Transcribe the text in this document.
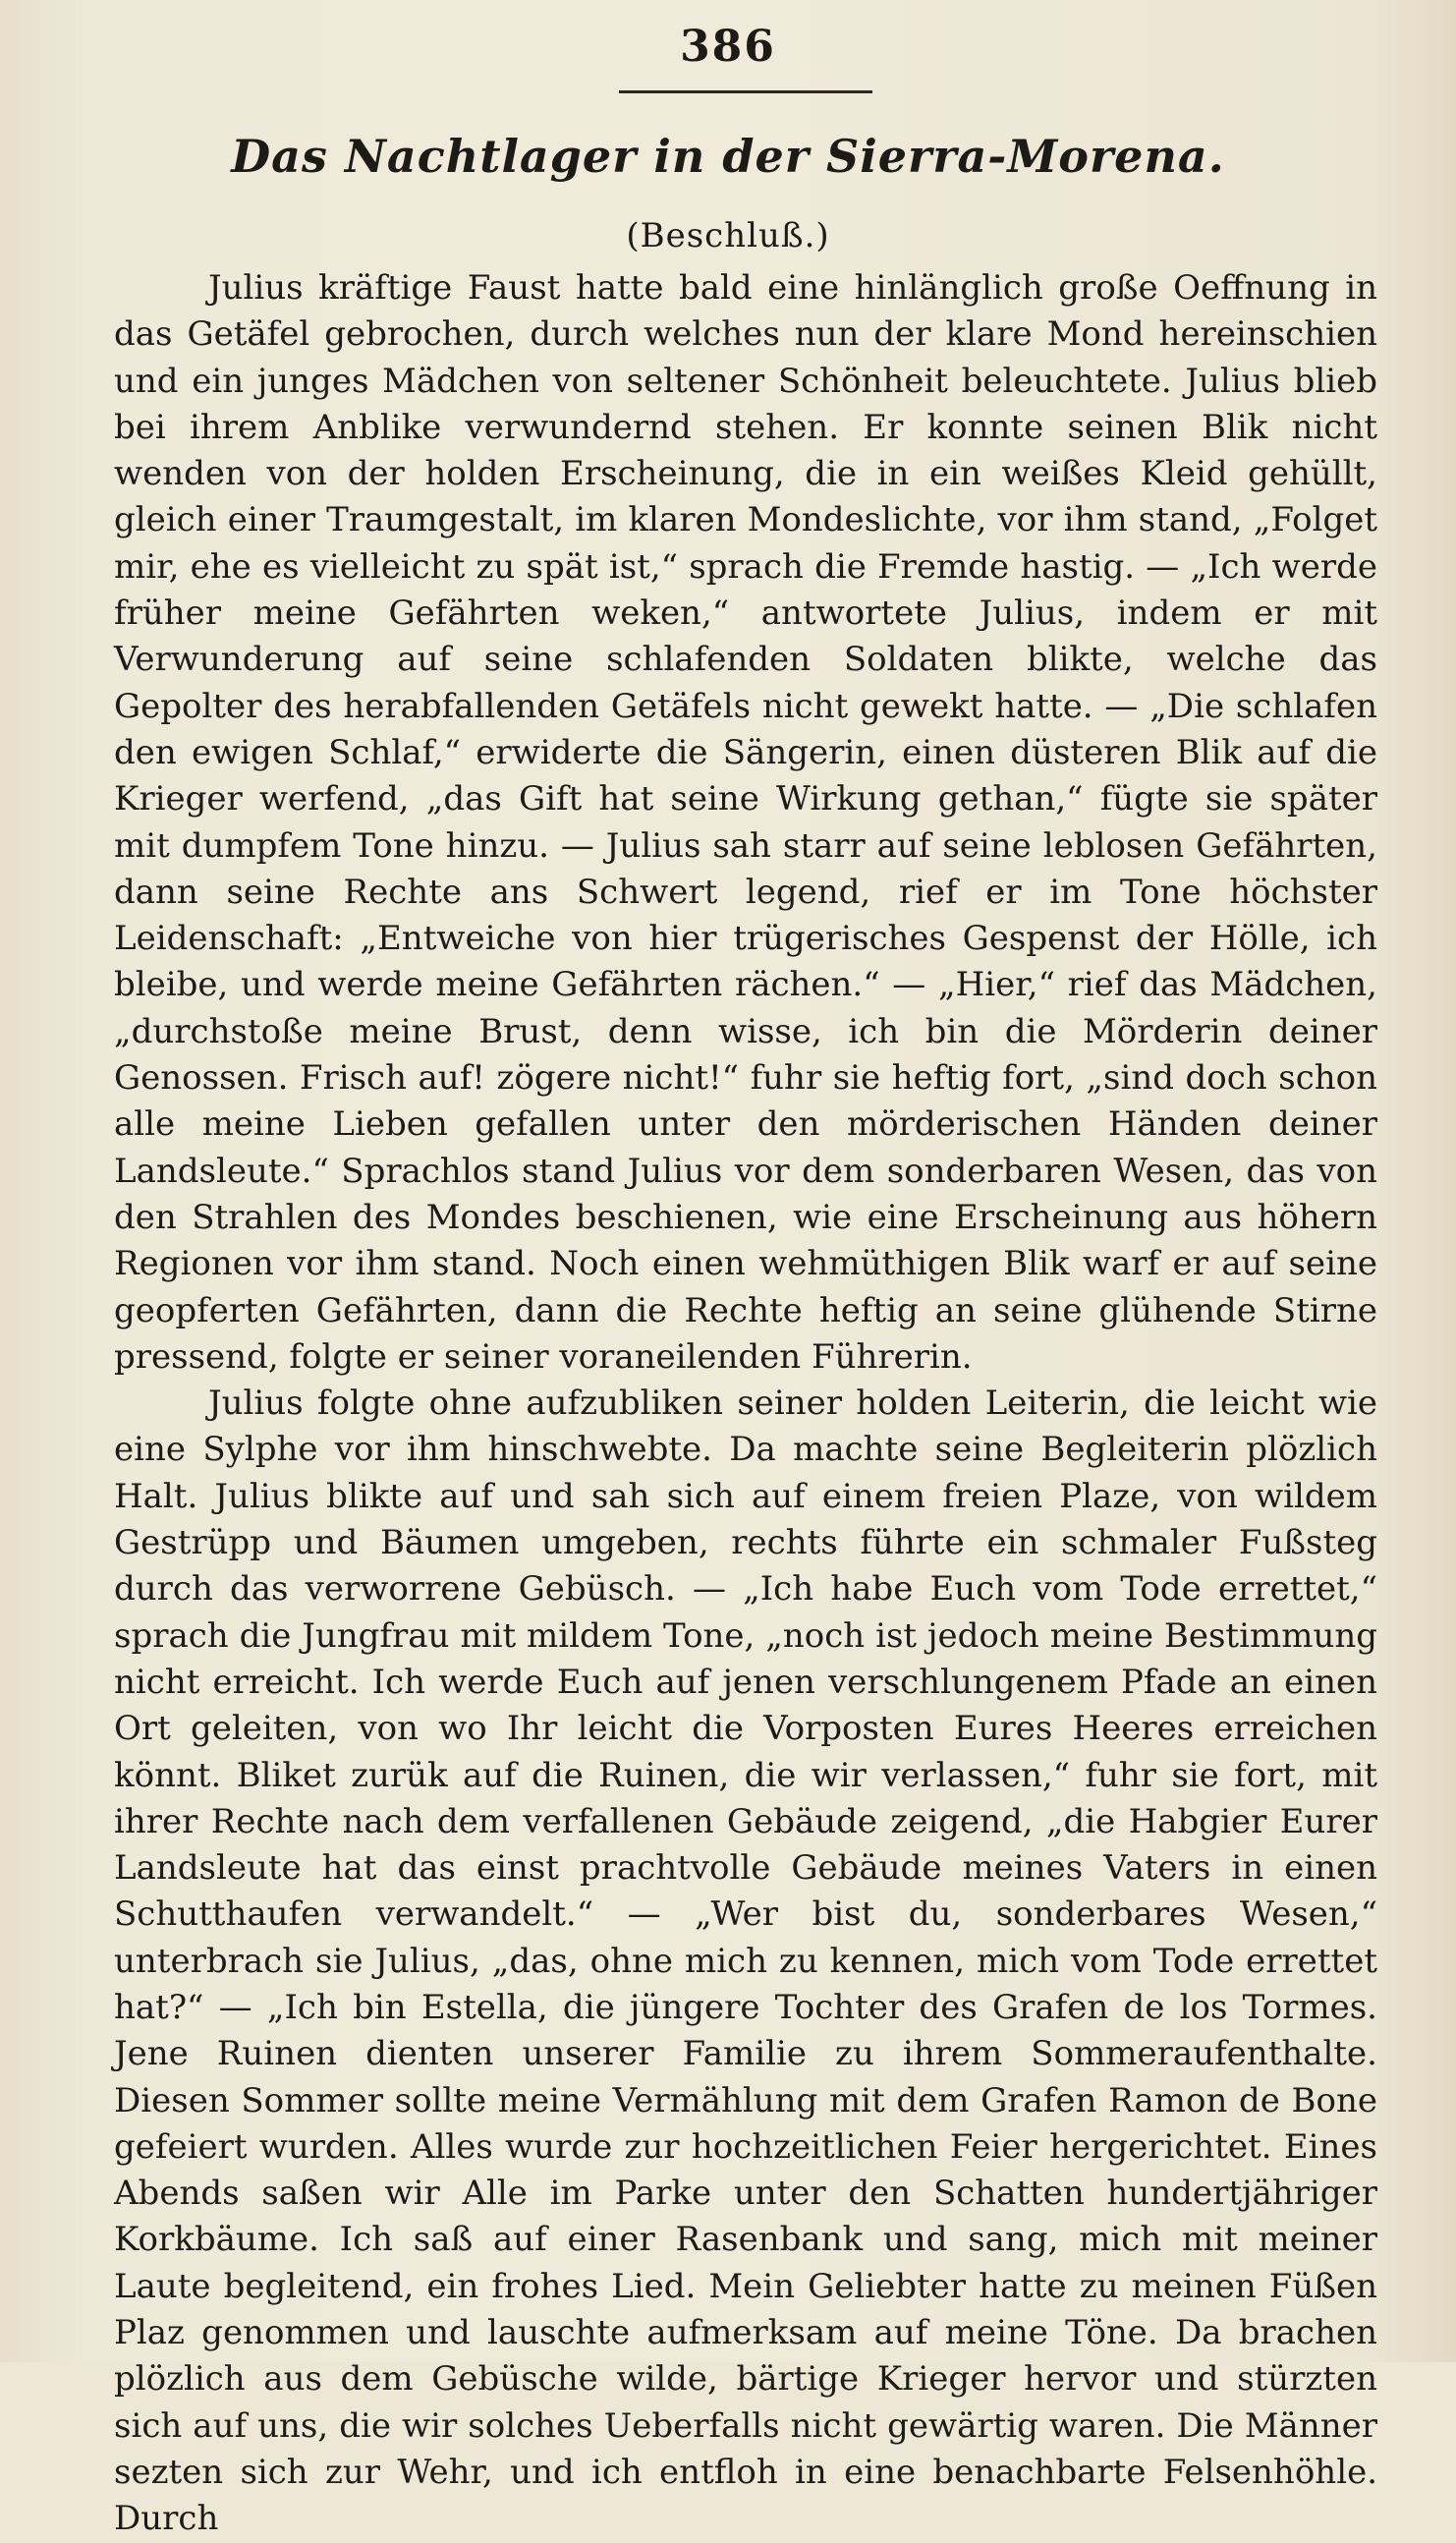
386
Das Nachtlager in der Sierra-Morena.
(Beschluß.)

Julius kräftige Faust hatte bald eine hinlänglich große Oeffnung in das Getäfel gebrochen, durch welches nun der klare Mond hereinschien und ein junges Mädchen von seltener Schönheit beleuchtete. Julius blieb bei ihrem Anblike verwundernd stehen. Er konnte seinen Blik nicht wenden von der holden Erscheinung, die in ein weißes Kleid gehüllt, gleich einer Traumgestalt, im klaren Mondeslichte, vor ihm stand, „Folget mir, ehe es vielleicht zu spät ist,“ sprach die Fremde hastig. — „Ich werde früher meine Gefährten weken,“ antwortete Julius, indem er mit Verwunderung auf seine schlafenden Soldaten blikte, welche das Gepolter des herabfallenden Getäfels nicht gewekt hatte. — „Die schlafen den ewigen Schlaf,“ erwiderte die Sängerin, einen düsteren Blik auf die Krieger werfend, „das Gift hat seine Wirkung gethan,“ fügte sie später mit dumpfem Tone hinzu. — Julius sah starr auf seine leblosen Gefährten, dann seine Rechte ans Schwert legend, rief er im Tone höchster Leidenschaft: „Entweiche von hier trügerisches Gespenst der Hölle, ich bleibe, und werde meine Gefährten rächen.“ — „Hier,“ rief das Mädchen, „durchstoße meine Brust, denn wisse, ich bin die Mörderin deiner Genossen. Frisch auf! zögere nicht!“ fuhr sie heftig fort, „sind doch schon alle meine Lieben gefallen unter den mörderischen Händen deiner Landsleute.“ Sprachlos stand Julius vor dem sonderbaren Wesen, das von den Strahlen des Mondes beschienen, wie eine Erscheinung aus höhern Regionen vor ihm stand. Noch einen wehmüthigen Blik warf er auf seine geopferten Gefährten, dann die Rechte heftig an seine glühende Stirne pressend, folgte er seiner voraneilenden Führerin.

Julius folgte ohne aufzubliken seiner holden Leiterin, die leicht wie eine Sylphe vor ihm hinschwebte. Da machte seine Begleiterin plözlich Halt. Julius blikte auf und sah sich auf einem freien Plaze, von wildem Gestrüpp und Bäumen umgeben, rechts führte ein schmaler Fußsteg durch das verworrene Gebüsch. — „Ich habe Euch vom Tode errettet,“ sprach die Jungfrau mit mildem Tone, „noch ist jedoch meine Bestimmung nicht erreicht. Ich werde Euch auf jenen verschlungenem Pfade an einen Ort geleiten, von wo Ihr leicht die Vorposten Eures Heeres erreichen könnt. Bliket zurük auf die Ruinen, die wir verlassen,“ fuhr sie fort, mit ihrer Rechte nach dem verfallenen Gebäude zeigend, „die Habgier Eurer Landsleute hat das einst prachtvolle Gebäude meines Vaters in einen Schutthaufen verwandelt.“ — „Wer bist du, sonderbares Wesen,“ unterbrach sie Julius, „das, ohne mich zu kennen, mich vom Tode errettet hat?“ — „Ich bin Estella, die jüngere Tochter des Grafen de los Tormes. Jene Ruinen dienten unserer Familie zu ihrem Sommeraufenthalte. Diesen Sommer sollte meine Vermählung mit dem Grafen Ramon de Bone gefeiert wurden. Alles wurde zur hochzeitlichen Feier hergerichtet. Eines Abends saßen wir Alle im Parke unter den Schatten hundertjähriger Korkbäume. Ich saß auf einer Rasenbank und sang, mich mit meiner Laute begleitend, ein frohes Lied. Mein Geliebter hatte zu meinen Füßen Plaz genommen und lauschte aufmerksam auf meine Töne. Da brachen plözlich aus dem Gebüsche wilde, bärtige Krieger hervor und stürzten sich auf uns, die wir solches Ueberfalls nicht gewärtig waren. Die Männer sezten sich zur Wehr, und ich entfloh in eine benachbarte Felsenhöhle. Durch
